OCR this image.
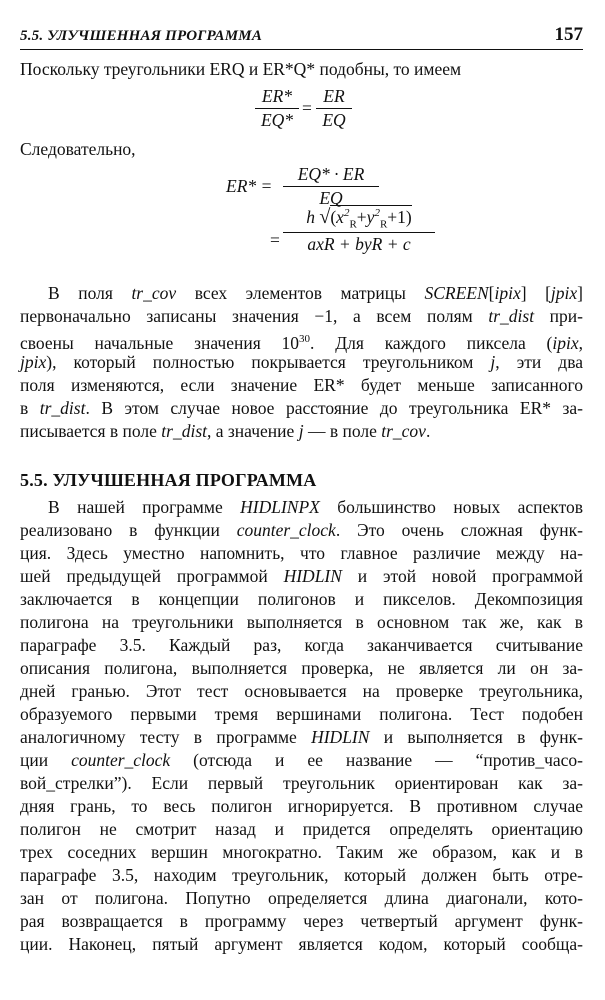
5.5. УЛУЧШЕННАЯ ПРОГРАММА	157
Поскольку треугольники ERQ и ER*Q* подобны, то имеем
ER*
EQ*
=
ER
EQ
Следовательно,
ER* =
EQ* · ER
EQ
=
h $√(x^2_R+y^2_R+1)$
axR + byR + c
В поля tr_cov всех элементов матрицы SCREEN[ipix] [jpix]
первоначально записаны значения −1, а всем полям tr_dist при-
своены начальные значения $10^{30}$. Для каждого пиксела (ipix,
jpix), который полностью покрывается треугольником j, эти два
поля изменяются, если значение ER* будет меньше записанного
в tr_dist. В этом случае новое расстояние до треугольника ER* за-
писывается в поле tr_dist, а значение j — в поле tr_cov.
5.5. УЛУЧШЕННАЯ ПРОГРАММА
В нашей программе HIDLINPX большинство новых аспектов
реализовано в функции counter_clock. Это очень сложная функ-
ция. Здесь уместно напомнить, что главное различие между на-
шей предыдущей программой HIDLIN и этой новой программой
заключается в концепции полигонов и пикселов. Декомпозиция
полигона на треугольники выполняется в основном так же, как в
параграфе 3.5. Каждый раз, когда заканчивается считывание
описания полигона, выполняется проверка, не является ли он за-
дней гранью. Этот тест основывается на проверке треугольника,
образуемого первыми тремя вершинами полигона. Тест подобен
аналогичному тесту в программе HIDLIN и выполняется в функ-
ции counter_clock (отсюда и ее название — “против_часо-
вой_стрелки”). Если первый треугольник ориентирован как за-
дняя грань, то весь полигон игнорируется. В противном случае
полигон не смотрит назад и придется определять ориентацию
трех соседних вершин многократно. Таким же образом, как и в
параграфе 3.5, находим треугольник, который должен быть отре-
зан от полигона. Попутно определяется длина диагонали, кото-
рая возвращается в программу через четвертый аргумент функ-
ции. Наконец, пятый аргумент является кодом, который сообща-
